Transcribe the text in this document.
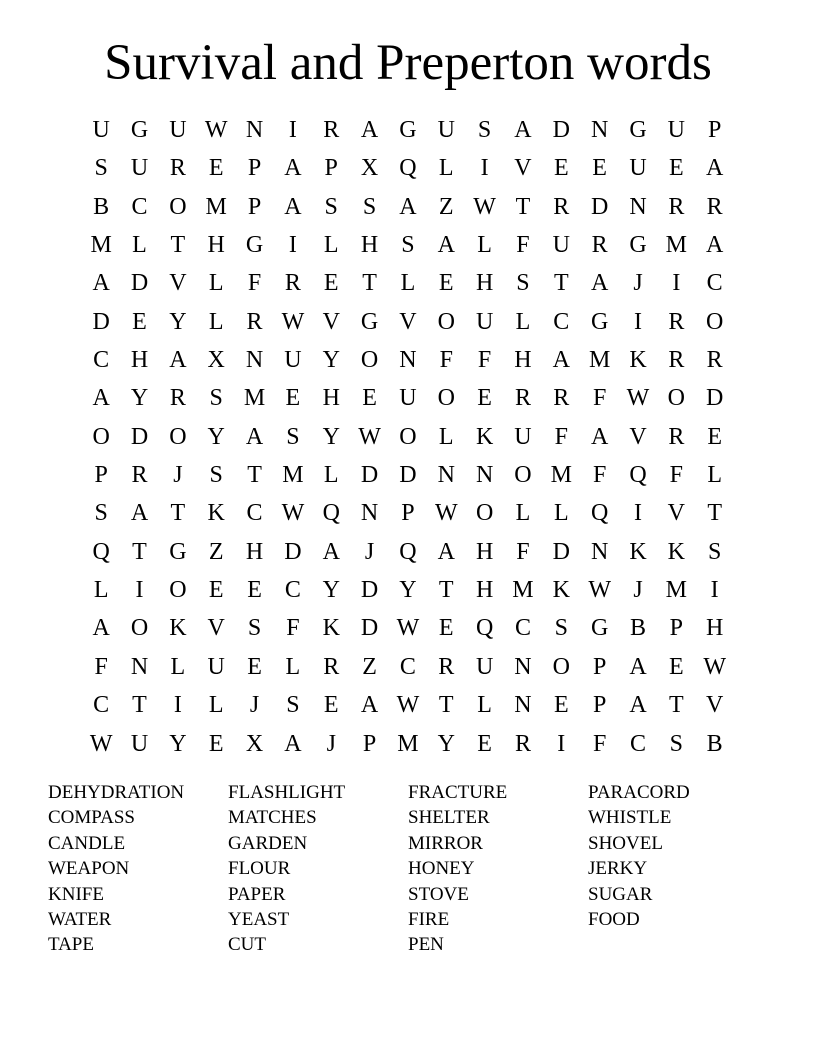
Survival and Preperton words
U G U W N	I	R A G U S A D N G U P
S U R E	P A P X Q L	I	V E E U E A
B C O M P A S	S A Z W T R D N R R
M L T H G	I	L H S A L	F U R G M A
A D V L	F R E T L E H S	T A	J	I	C
D E Y L R W V G V O U L C G	I	R O
C H A X N U Y O N F	F H A M K R R
A Y R S M E H E U O E R R F W O D
O D O Y A S Y W O L K U F A V R E
P R	J	S	T M L D D N N O M F Q F	L
S A T K C W Q N P W O L L Q	I	V T
Q T G Z H D A	J	Q A H F D N K K S
L	I	O E E C Y D Y T H M K W J M I
A O K V S	F K D W E Q C S G B P H
F N L U E L R Z C R U N O P A E W
C T	I	L	J	S	E A W T L N E	P A T V
W U Y E X A	J	P M Y E R	I	F C S B
DEHYDRATION	FLASHLIGHT	FRACTURE	PARACORD
COMPASS	MATCHES	SHELTER	WHISTLE
CANDLE	GARDEN	MIRROR	SHOVEL
WEAPON	FLOUR	HONEY	JERKY
KNIFE	PAPER	STOVE	SUGAR
WATER	YEAST	FIRE	FOOD
TAPE	CUT	PEN
